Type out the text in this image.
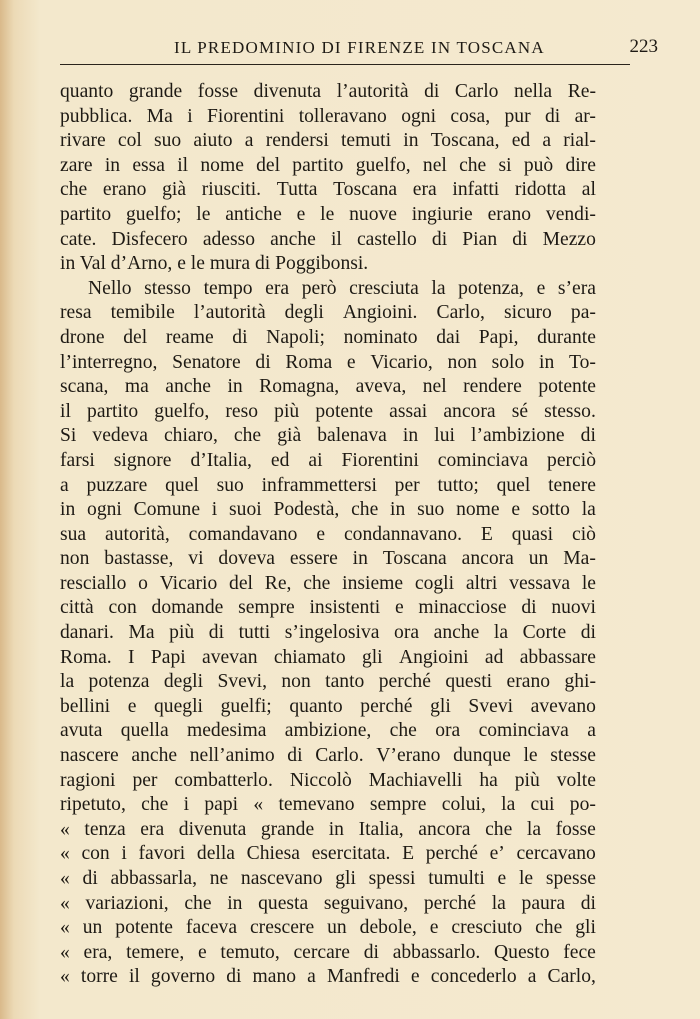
IL PREDOMINIO DI FIRENZE IN TOSCANA	223
quanto grande fosse divenuta l’autorità di Carlo nella Re-
pubblica. Ma i Fiorentini tolleravano ogni cosa, pur di ar-
rivare col suo aiuto a rendersi temuti in Toscana, ed a rial-
zare in essa il nome del partito guelfo, nel che si può dire
che erano già riusciti. Tutta Toscana era infatti ridotta al
partito guelfo; le antiche e le nuove ingiurie erano vendi-
cate. Disfecero adesso anche il castello di Pian di Mezzo
in Val d’Arno, e le mura di Poggibonsi.
Nello stesso tempo era però cresciuta la potenza, e s’era
resa temibile l’autorità degli Angioini. Carlo, sicuro pa-
drone del reame di Napoli; nominato dai Papi, durante
l’interregno, Senatore di Roma e Vicario, non solo in To-
scana, ma anche in Romagna, aveva, nel rendere potente
il partito guelfo, reso più potente assai ancora sé stesso.
Si vedeva chiaro, che già balenava in lui l’ambizione di
farsi signore d’Italia, ed ai Fiorentini cominciava perciò
a puzzare quel suo inframmettersi per tutto; quel tenere
in ogni Comune i suoi Podestà, che in suo nome e sotto la
sua autorità, comandavano e condannavano. E quasi ciò
non bastasse, vi doveva essere in Toscana ancora un Ma-
resciallo o Vicario del Re, che insieme cogli altri vessava le
città con domande sempre insistenti e minacciose di nuovi
danari. Ma più di tutti s’ingelosiva ora anche la Corte di
Roma. I Papi avevan chiamato gli Angioini ad abbassare
la potenza degli Svevi, non tanto perché questi erano ghi-
bellini e quegli guelfi; quanto perché gli Svevi avevano
avuta quella medesima ambizione, che ora cominciava a
nascere anche nell’animo di Carlo. V’erano dunque le stesse
ragioni per combatterlo. Niccolò Machiavelli ha più volte
ripetuto, che i papi « temevano sempre colui, la cui po-
« tenza era divenuta grande in Italia, ancora che la fosse
« con i favori della Chiesa esercitata. E perché e’ cercavano
« di abbassarla, ne nascevano gli spessi tumulti e le spesse
« variazioni, che in questa seguivano, perché la paura di
« un potente faceva crescere un debole, e cresciuto che gli
« era, temere, e temuto, cercare di abbassarlo. Questo fece
« torre il governo di mano a Manfredi e concederlo a Carlo,
